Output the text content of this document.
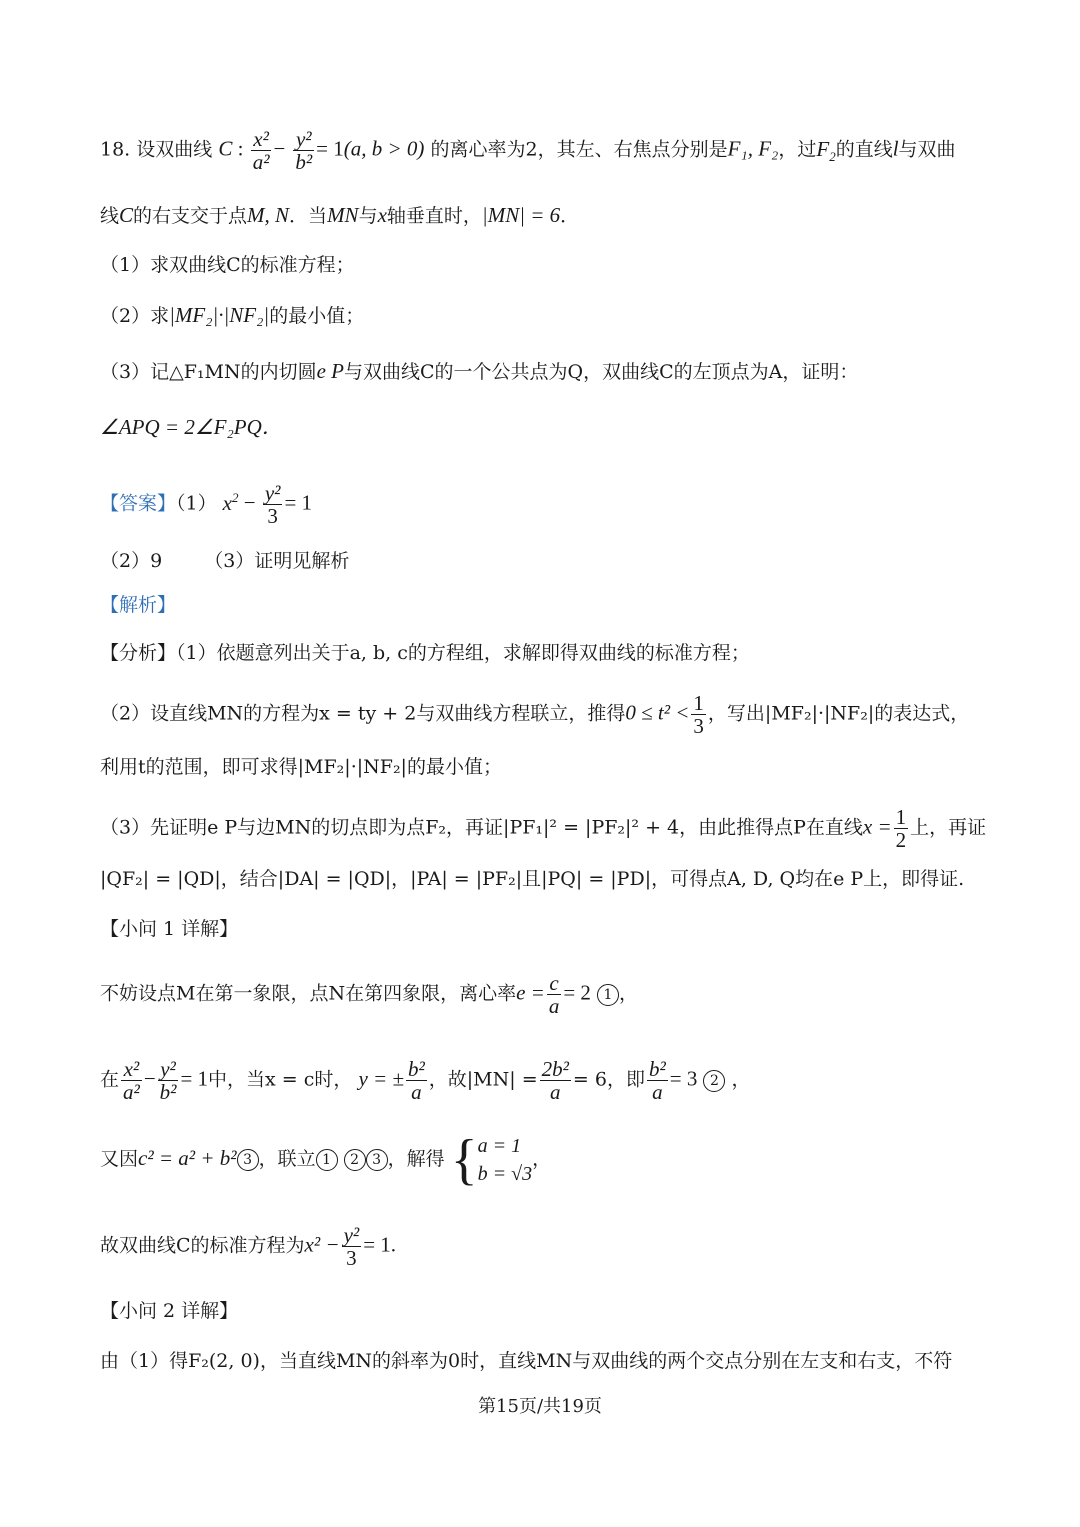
18. 设双曲线 C : $\frac{\text{x²}}{\text{a²}} - \frac{\text{y²}}{\text{b²}} = 1(a$, b > 0) 的离心率为2，其左、右焦点分别是F₁, F₂，过$F_2$的直线l与双曲
线C的右支交于点M, N．当MN与x轴垂直时，|MN| = 6．
（1）求双曲线C的标准方程；
（2）求|MF₂|·|NF₂|的最小值；
（3）记△F₁MN的内切圆e P与双曲线C的一个公共点为Q，双曲线C的左顶点为A，证明：
∠APQ = 2∠F₂PQ．
【答案】（1） $x^2 - \frac{\text{y²}}{3} = 1$
（2）9 （3）证明见解析
【解析】
【分析】（1）依题意列出关于a, b, c的方程组，求解即得双曲线的标准方程；
（2）设直线MN的方程为x = ty + 2与双曲线方程联立，推得$0 \le t^2 < \frac{1}{3}$ ，写出|MF₂|·|NF₂|的表达式，
利用t的范围，即可求得|MF₂|·|NF₂|的最小值；
（3）先证明e P与边MN的切点即为点F₂，再证|PF₁|² = |PF₂|² + 4，由此推得点P在直线$x = \frac{1}{2}$ 上，再证
|QF₂| = |QD|，结合|DA| = |QD|，|PA| = |PF₂|且|PQ| = |PD|，可得点A, D, Q均在e P上，即得证.
【小问 1 详解】
不妨设点M在第一象限，点N在第四象限，离心率$e = \frac{c}{a} = 2$ 1 ，
在 $\frac{\text{x²}}{\text{a²}} - \frac{\text{y²}}{\text{b²}} = 1$中，当x = c时， y = ± $\frac{\text{b²}}{a}$ ，故$|MN| = \frac{\text{2b²}}{a} = 6$，即 $\frac{\text{b²}}{a} = 3$ 2 ，
又因c² = a² + b² 3 ，联立 1 2 3 ，解得 { a = 1
b = √3
，
故双曲线C的标准方程为$x^2 - \frac{\text{y²}}{3} = 1$.
【小问 2 详解】
由（1）得F₂(2, 0)，当直线MN的斜率为0时，直线MN与双曲线的两个交点分别在左支和右支，不符
第15页/共19页
